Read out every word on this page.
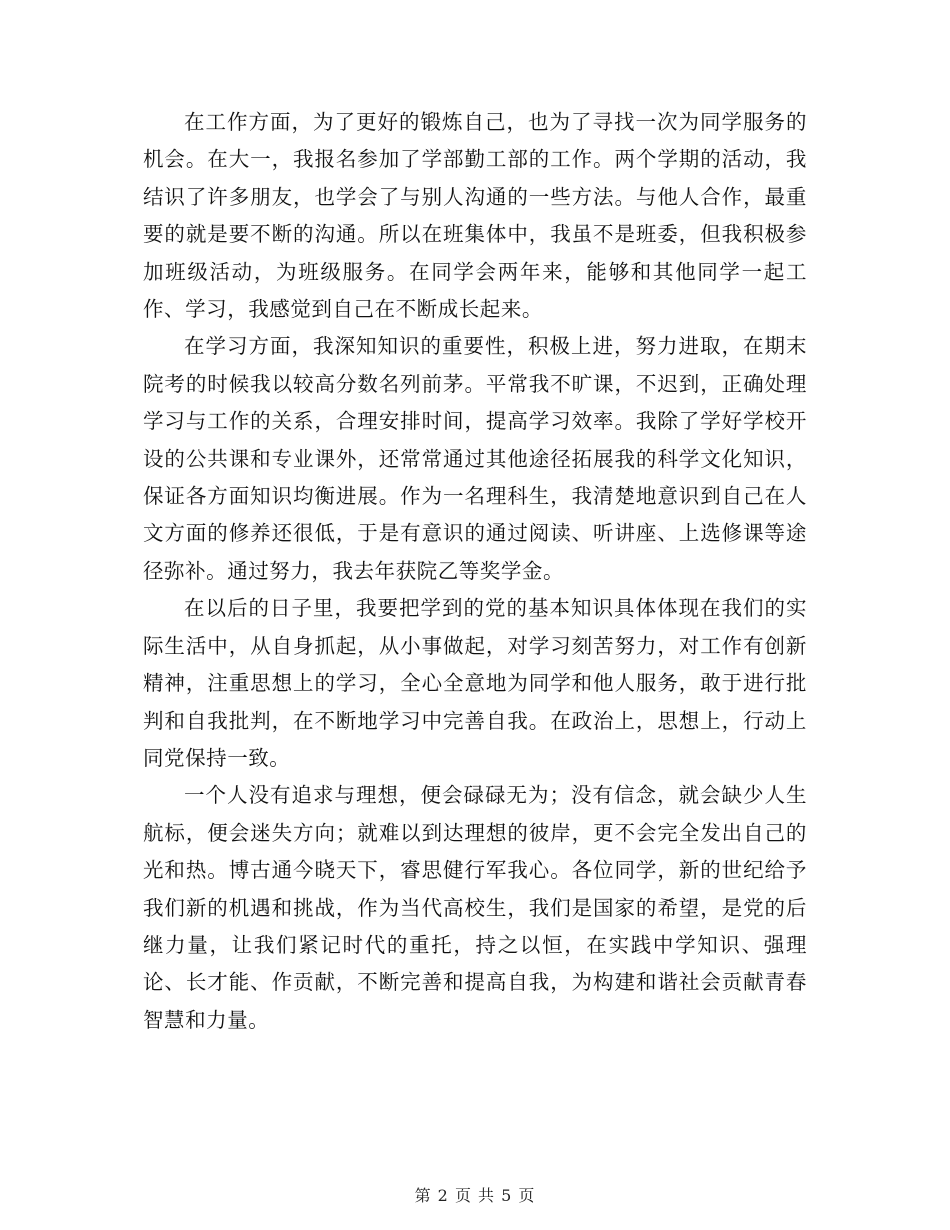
在工作方面，为了更好的锻炼自己，也为了寻找一次为同学服务的机会。在大一，我报名参加了学部勤工部的工作。两个学期的活动，我结识了许多朋友，也学会了与别人沟通的一些方法。与他人合作，最重要的就是要不断的沟通。所以在班集体中，我虽不是班委，但我积极参加班级活动，为班级服务。在同学会两年来，能够和其他同学一起工作、学习，我感觉到自己在不断成长起来。

在学习方面，我深知知识的重要性，积极上进，努力进取，在期末院考的时候我以较高分数名列前茅。平常我不旷课，不迟到，正确处理学习与工作的关系，合理安排时间，提高学习效率。我除了学好学校开设的公共课和专业课外，还常常通过其他途径拓展我的科学文化知识，保证各方面知识均衡进展。作为一名理科生，我清楚地意识到自己在人文方面的修养还很低，于是有意识的通过阅读、听讲座、上选修课等途径弥补。通过努力，我去年获院乙等奖学金。

在以后的日子里，我要把学到的党的基本知识具体体现在我们的实际生活中，从自身抓起，从小事做起，对学习刻苦努力，对工作有创新精神，注重思想上的学习，全心全意地为同学和他人服务，敢于进行批判和自我批判，在不断地学习中完善自我。在政治上，思想上，行动上同党保持一致。

一个人没有追求与理想，便会碌碌无为；没有信念，就会缺少人生航标，便会迷失方向；就难以到达理想的彼岸，更不会完全发出自己的光和热。博古通今晓天下，睿思健行军我心。各位同学，新的世纪给予我们新的机遇和挑战，作为当代高校生，我们是国家的希望，是党的后继力量，让我们紧记时代的重托，持之以恒，在实践中学知识、强理论、长才能、作贡献，不断完善和提高自我，为构建和谐社会贡献青春智慧和力量。

第 2 页 共 5 页
